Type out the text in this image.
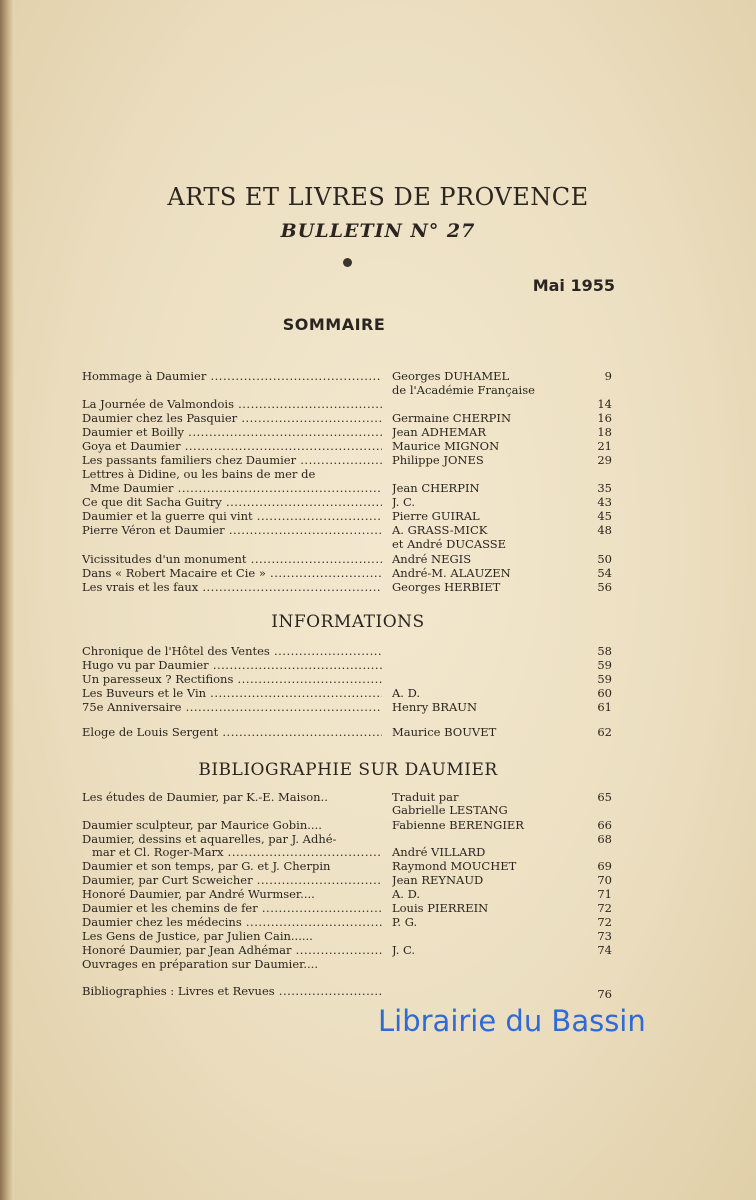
ARTS ET LIVRES DE PROVENCE
BULLETIN N° 27
Mai 1955
SOMMAIRE
INFORMATIONS
BIBLIOGRAPHIE SUR DAUMIER
Hommage à Daumier .....	Georges DUHAMEL	9
de l'Académie Française
La Journée de Valmondois .....	14
Daumier chez les Pasquier .....	Germaine CHERPIN	16
Daumier et Boilly .....	Jean ADHEMAR	18
Goya et Daumier .....	Maurice MIGNON	21
Les passants familiers chez Daumier .....	Philippe JONES	29
Lettres à Didine, ou les bains de mer de
Mme Daumier .....	Jean CHERPIN	35
Ce que dit Sacha Guitry .....	J. C.	43
Daumier et la guerre qui vint .....	Pierre GUIRAL	45
Pierre Véron et Daumier .....	A. GRASS-MICK	48
et André DUCASSE
Vicissitudes d'un monument .....	André NEGIS	50
Dans « Robert Macaire et Cie » .....	André-M. ALAUZEN	54
Les vrais et les faux .....	Georges HERBIET	56
Chronique de l'Hôtel des Ventes .....	58
Hugo vu par Daumier .....	59
Un paresseux ? Rectifions .....	59
Les Buveurs et le Vin .....	A. D.	60
75e Anniversaire .....	Henry BRAUN	61
Eloge de Louis Sergent .....	Maurice BOUVET	62
Les études de Daumier, par K.-E. Maison..	Traduit par	65
Gabrielle LESTANG
Daumier sculpteur, par Maurice Gobin....	Fabienne BERENGIER	66
Daumier, dessins et aquarelles, par J. Adhé-	68
mar et Cl. Roger-Marx .....	André VILLARD
Daumier et son temps, par G. et J. Cherpin	Raymond MOUCHET	69
Daumier, par Curt Scweicher .....	Jean REYNAUD	70
Honoré Daumier, par André Wurmser....	A. D.	71
Daumier et les chemins de fer .....	Louis PIERREIN	72
Daumier chez les médecins .....	P. G.	72
Les Gens de Justice, par Julien Cain......	73
Honoré Daumier, par Jean Adhémar .....	J. C.	74
Ouvrages en préparation sur Daumier....
Bibliographies : Livres et Revues .....	76
Librairie du Bassin
